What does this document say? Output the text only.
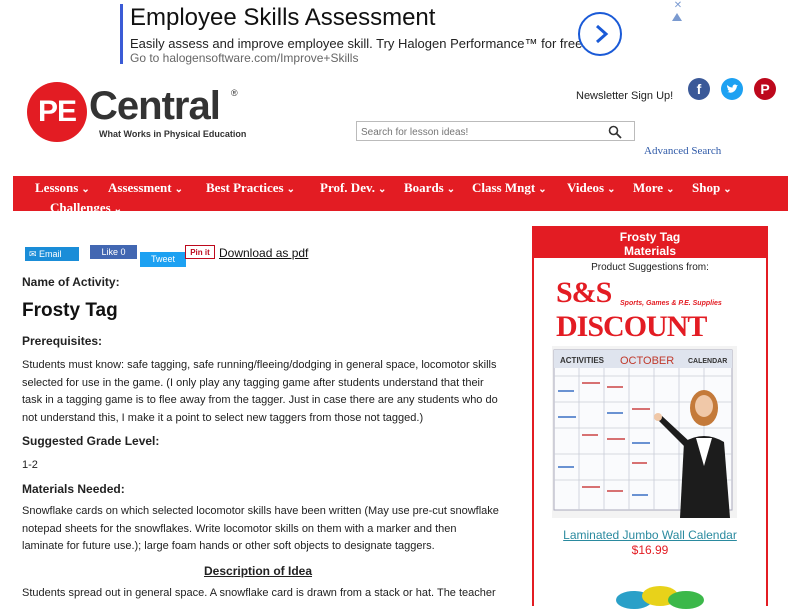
Employee Skills Assessment
Easily assess and improve employee skill. Try Halogen Performance™ for free.
Go to halogensoftware.com/Improve+Skills
✕
PE Central ®
What Works in Physical Education
Newsletter Sign Up!	f	P
Search for lesson ideas!
Advanced Search
Lessons ⌄ Assessment ⌄ Best Practices ⌄ Prof. Dev. ⌄ Boards ⌄ Class Mngt ⌄ Videos ⌄ More ⌄ Shop ⌄
Challenges ⌄
✉ Email	Like 0
Tweet
Pin it Download as pdf
Name of Activity:
Frosty Tag
Prerequisites:
Students must know: safe tagging, safe running/fleeing/dodging in general space, locomotor skills
selected for use in the game. (I only play any tagging game after students understand that their
task in a tagging game is to flee away from the tagger. Just in case there are any students who do
not understand this, I make it a point to select new taggers from those not tagged.)
Suggested Grade Level:
1-2
Materials Needed:
Snowflake cards on which selected locomotor skills have been written (May use pre-cut snowflake
notepad sheets for the snowflakes. Write locomotor skills on them with a marker and then
laminate for future use.); large foam hands or other soft objects to designate taggers.
Description of Idea
Students spread out in general space. A snowflake card is drawn from a stack or hat. The teacher
Frosty Tag
Materials
Product Suggestions from:
S&S DISCOUNT
Sports, Games & P.E. Supplies
ACTIVITIES OCTOBER CALENDAR
Laminated Jumbo Wall Calendar
$16.99
